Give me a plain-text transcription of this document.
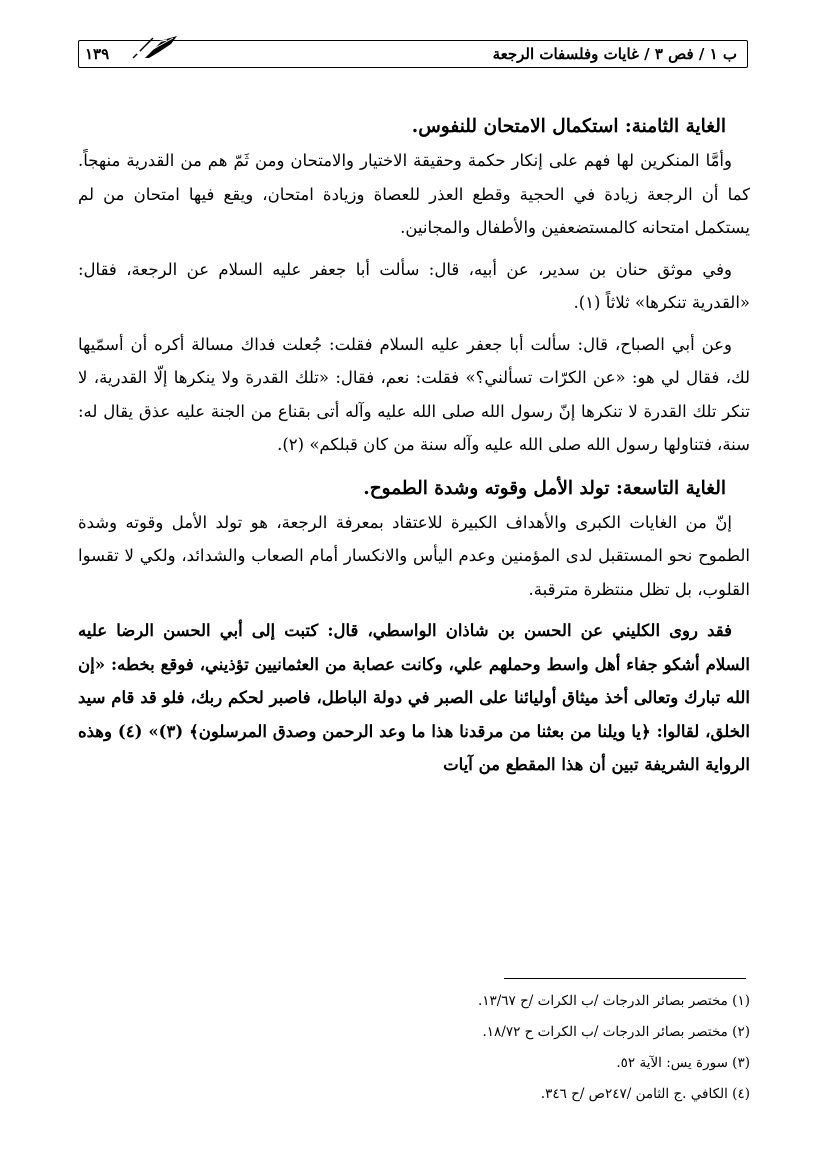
ب ١ / فص ٣ / غايات وفلسفات الرجعة
١٣٩
الغاية الثامنة: استكمال الامتحان للنفوس.

وأمَّا المنكرين لها فهم على إنكار حكمة وحقيقة الاختيار والامتحان ومن ثَمّ هم من القدرية منهجاً. كما أن الرجعة زيادة في الحجية وقطع العذر للعصاة وزيادة امتحان، ويقع فيها امتحان من لم يستكمل امتحانه كالمستضعفين والأطفال والمجانين.

وفي موثق حنان بن سدير، عن أبيه، قال: سألت أبا جعفر عليه السلام عن الرجعة، فقال: «القدرية تنكرها» ثلاثاً (١).

وعن أبي الصباح، قال: سألت أبا جعفر عليه السلام فقلت: جُعلت فداك مسالة أكره أن أسمّيها لك، فقال لي هو: «عن الكرّات تسألني؟» فقلت: نعم، فقال: «تلك القدرة ولا ينكرها إلّا القدرية، لا تنكر تلك القدرة لا تنكرها إنّ رسول الله صلى الله عليه وآله أتى بقناع من الجنة عليه عذق يقال له: سنة، فتناولها رسول الله صلى الله عليه وآله سنة من كان قبلكم» (٢).

الغاية التاسعة: تولد الأمل وقوته وشدة الطموح.

إنّ من الغايات الكبرى والأهداف الكبيرة للاعتقاد بمعرفة الرجعة، هو تولد الأمل وقوته وشدة الطموح نحو المستقبل لدى المؤمنين وعدم اليأس والانكسار أمام الصعاب والشدائد، ولكي لا تقسوا القلوب، بل تظل منتظرة مترقبة.

فقد روى الكليني عن الحسن بن شاذان الواسطي، قال: كتبت إلى أبي الحسن الرضا عليه السلام أشكو جفاء أهل واسط وحملهم علي، وكانت عصابة من العثمانيين تؤذيني، فوقع بخطه: «إن الله تبارك وتعالى أخذ ميثاق أوليائنا على الصبر في دولة الباطل، فاصبر لحكم ربك، فلو قد قام سيد الخلق، لقالوا: ﴿يا ويلنا من بعثنا من مرقدنا هذا ما وعد الرحمن وصدق المرسلون﴾ (٣)» (٤) وهذه الرواية الشريفة تبين أن هذا المقطع من آيات

(١) مختصر بصائر الدرجات /ب الكرات /ح ١٣/٦٧.

(٢) مختصر بصائر الدرجات /ب الكرات ح ١٨/٧٢.

(٣) سورة يس: الآية ٥٢.

(٤) الكافي .ج الثامن /٢٤٧ص /ح ٣٤٦.
